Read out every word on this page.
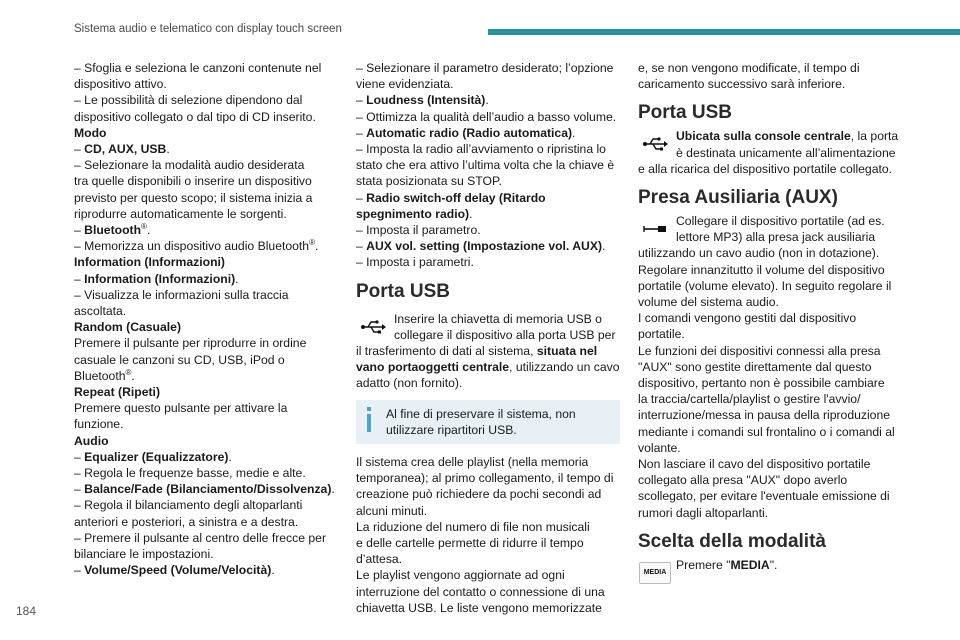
Sistema audio e telematico con display touch screen
– Sfoglia e seleziona le canzoni contenute nel
dispositivo attivo.
– Le possibilità di selezione dipendono dal
dispositivo collegato o dal tipo di CD inserito.
Modo
– CD, AUX, USB.
– Selezionare la modalità audio desiderata
tra quelle disponibili o inserire un dispositivo
previsto per questo scopo; il sistema inizia a
riprodurre automaticamente le sorgenti.
– Bluetooth®.
– Memorizza un dispositivo audio Bluetooth®.
Information (Informazioni)
– Information (Informazioni).
– Visualizza le informazioni sulla traccia
ascoltata.
Random (Casuale)
Premere il pulsante per riprodurre in ordine
casuale le canzoni su CD, USB, iPod o
Bluetooth®.
Repeat (Ripeti)
Premere questo pulsante per attivare la
funzione.
Audio
– Equalizer (Equalizzatore).
– Regola le frequenze basse, medie e alte.
– Balance/Fade (Bilanciamento/Dissolvenza).
– Regola il bilanciamento degli altoparlanti
anteriori e posteriori, a sinistra e a destra.
– Premere il pulsante al centro delle frecce per
bilanciare le impostazioni.
– Volume/Speed (Volume/Velocità).
– Selezionare il parametro desiderato; l’opzione
viene evidenziata.
– Loudness (Intensità).
– Ottimizza la qualità dell’audio a basso volume.
– Automatic radio (Radio automatica).
– Imposta la radio all’avviamento o ripristina lo
stato che era attivo l’ultima volta che la chiave è
stata posizionata su STOP.
– Radio switch-off delay (Ritardo
spegnimento radio).
– Imposta il parametro.
– AUX vol. setting (Impostazione vol. AUX).
– Imposta i parametri.
Porta USB
Inserire la chiavetta di memoria USB o
collegare il dispositivo alla porta USB per
il trasferimento di dati al sistema, situata nel
vano portaoggetti centrale, utilizzando un cavo
adatto (non fornito).
Al fine di preservare il sistema, non
utilizzare ripartitori USB.
Il sistema crea delle playlist (nella memoria
temporanea); al primo collegamento, il tempo di
creazione può richiedere da pochi secondi ad
alcuni minuti.
La riduzione del numero di file non musicali
e delle cartelle permette di ridurre il tempo
d’attesa.
Le playlist vengono aggiornate ad ogni
interruzione del contatto o connessione di una
chiavetta USB. Le liste vengono memorizzate
e, se non vengono modificate, il tempo di
caricamento successivo sarà inferiore.
Porta USB
Ubicata sulla console centrale, la porta
è destinata unicamente all’alimentazione
e alla ricarica del dispositivo portatile collegato.
Presa Ausiliaria (AUX)
Collegare il dispositivo portatile (ad es.
lettore MP3) alla presa jack ausiliaria
utilizzando un cavo audio (non in dotazione).
Regolare innanzitutto il volume del dispositivo
portatile (volume elevato). In seguito regolare il
volume del sistema audio.
I comandi vengono gestiti dal dispositivo
portatile.
Le funzioni dei dispositivi connessi alla presa
"AUX" sono gestite direttamente dal questo
dispositivo, pertanto non è possibile cambiare
la traccia/cartella/playlist o gestire l'avvio/
interruzione/messa in pausa della riproduzione
mediante i comandi sul frontalino o i comandi al
volante.
Non lasciare il cavo del dispositivo portatile
collegato alla presa "AUX" dopo averlo
scollegato, per evitare l'eventuale emissione di
rumori dagli altoparlanti.
Scelta della modalità
MEDIA
Premere "MEDIA".
184
